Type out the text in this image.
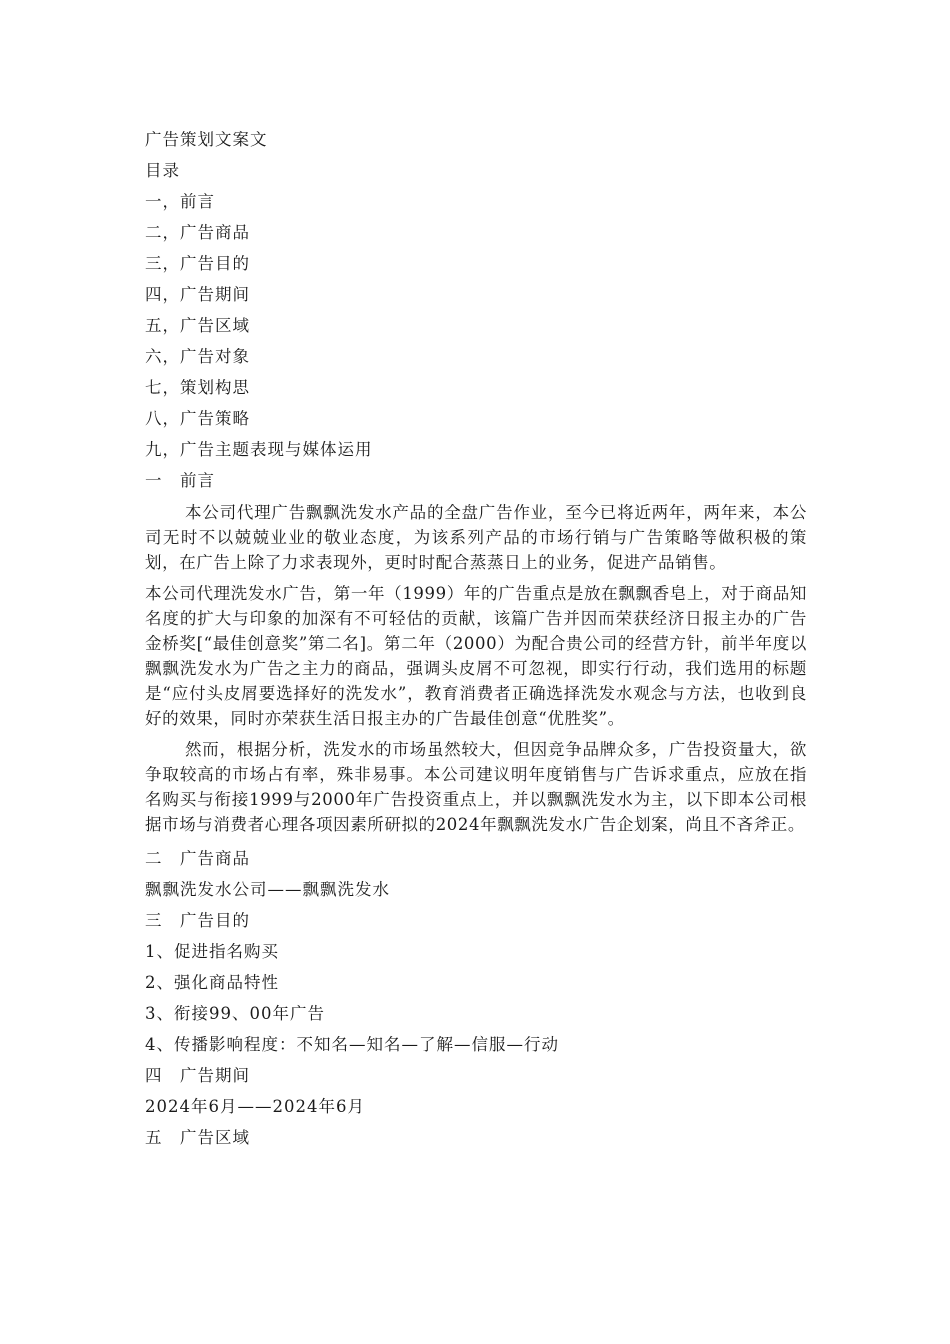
广告策划文案文
目录
一，前言
二，广告商品
三，广告目的
四，广告期间
五，广告区域
六，广告对象
七，策划构思
八，广告策略
九，广告主题表现与媒体运用
一　前言
本公司代理广告飘飘洗发水产品的全盘广告作业，至今已将近两年，两年来，本公司无时不以兢兢业业的敬业态度，为该系列产品的市场行销与广告策略等做积极的策划，在广告上除了力求表现外，更时时配合蒸蒸日上的业务，促进产品销售。
本公司代理洗发水广告，第一年（1999）年的广告重点是放在飘飘香皂上，对于商品知名度的扩大与印象的加深有不可轻估的贡献，该篇广告并因而荣获经济日报主办的广告金桥奖[“最佳创意奖”第二名]。第二年（2000）为配合贵公司的经营方针，前半年度以飘飘洗发水为广告之主力的商品，强调头皮屑不可忽视，即实行行动，我们选用的标题是“应付头皮屑要选择好的洗发水”，教育消费者正确选择洗发水观念与方法，也收到良好的效果，同时亦荣获生活日报主办的广告最佳创意“优胜奖”。
然而，根据分析，洗发水的市场虽然较大，但因竞争品牌众多，广告投资量大，欲争取较高的市场占有率，殊非易事。本公司建议明年度销售与广告诉求重点，应放在指名购买与衔接1999与2000年广告投资重点上，并以飘飘洗发水为主，以下即本公司根据市场与消费者心理各项因素所研拟的2024年飘飘洗发水广告企划案，尚且不吝斧正。
二　广告商品
飘飘洗发水公司——飘飘洗发水
三　广告目的
1、促进指名购买
2、强化商品特性
3、衔接99、00年广告
4、传播影响程度：不知名—知名—了解—信服—行动
四　广告期间
2024年6月——2024年6月
五　广告区域
